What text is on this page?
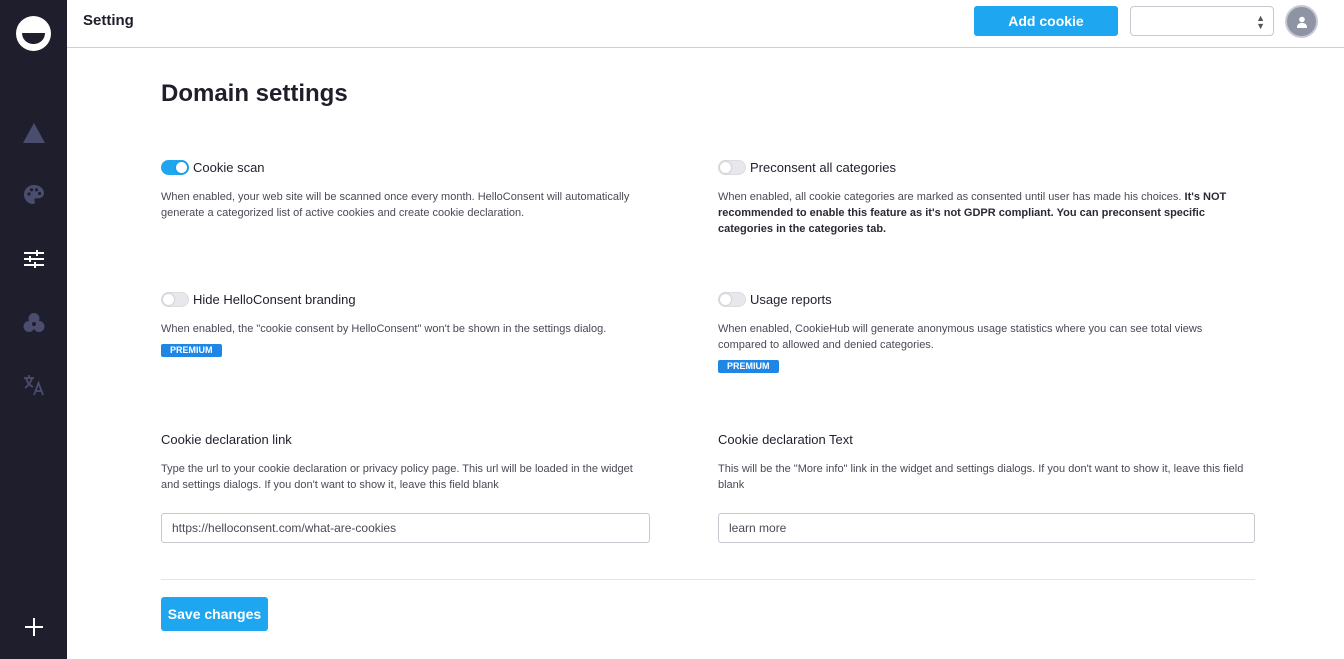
Setting	Add cookie	▲
▼
Domain settings
Cookie scan
When enabled, your web site will be scanned once every month. HelloConsent will automatically generate a categorized list of active cookies and create cookie declaration.
Preconsent all categories
When enabled, all cookie categories are marked as consented until user has made his choices. It's NOT recommended to enable this feature as it's not GDPR compliant. You can preconsent specific categories in the categories tab.
Hide HelloConsent branding
When enabled, the "cookie consent by HelloConsent" won't be shown in the settings dialog.
PREMIUM
Usage reports
When enabled, CookieHub will generate anonymous usage statistics where you can see total views compared to allowed and denied categories.
PREMIUM
Cookie declaration link
Type the url to your cookie declaration or privacy policy page. This url will be loaded in the widget and settings dialogs. If you don't want to show it, leave this field blank
https://helloconsent.com/what-are-cookies
Cookie declaration Text
This will be the "More info" link in the widget and settings dialogs. If you don't want to show it, leave this field blank
learn more
Save changes
